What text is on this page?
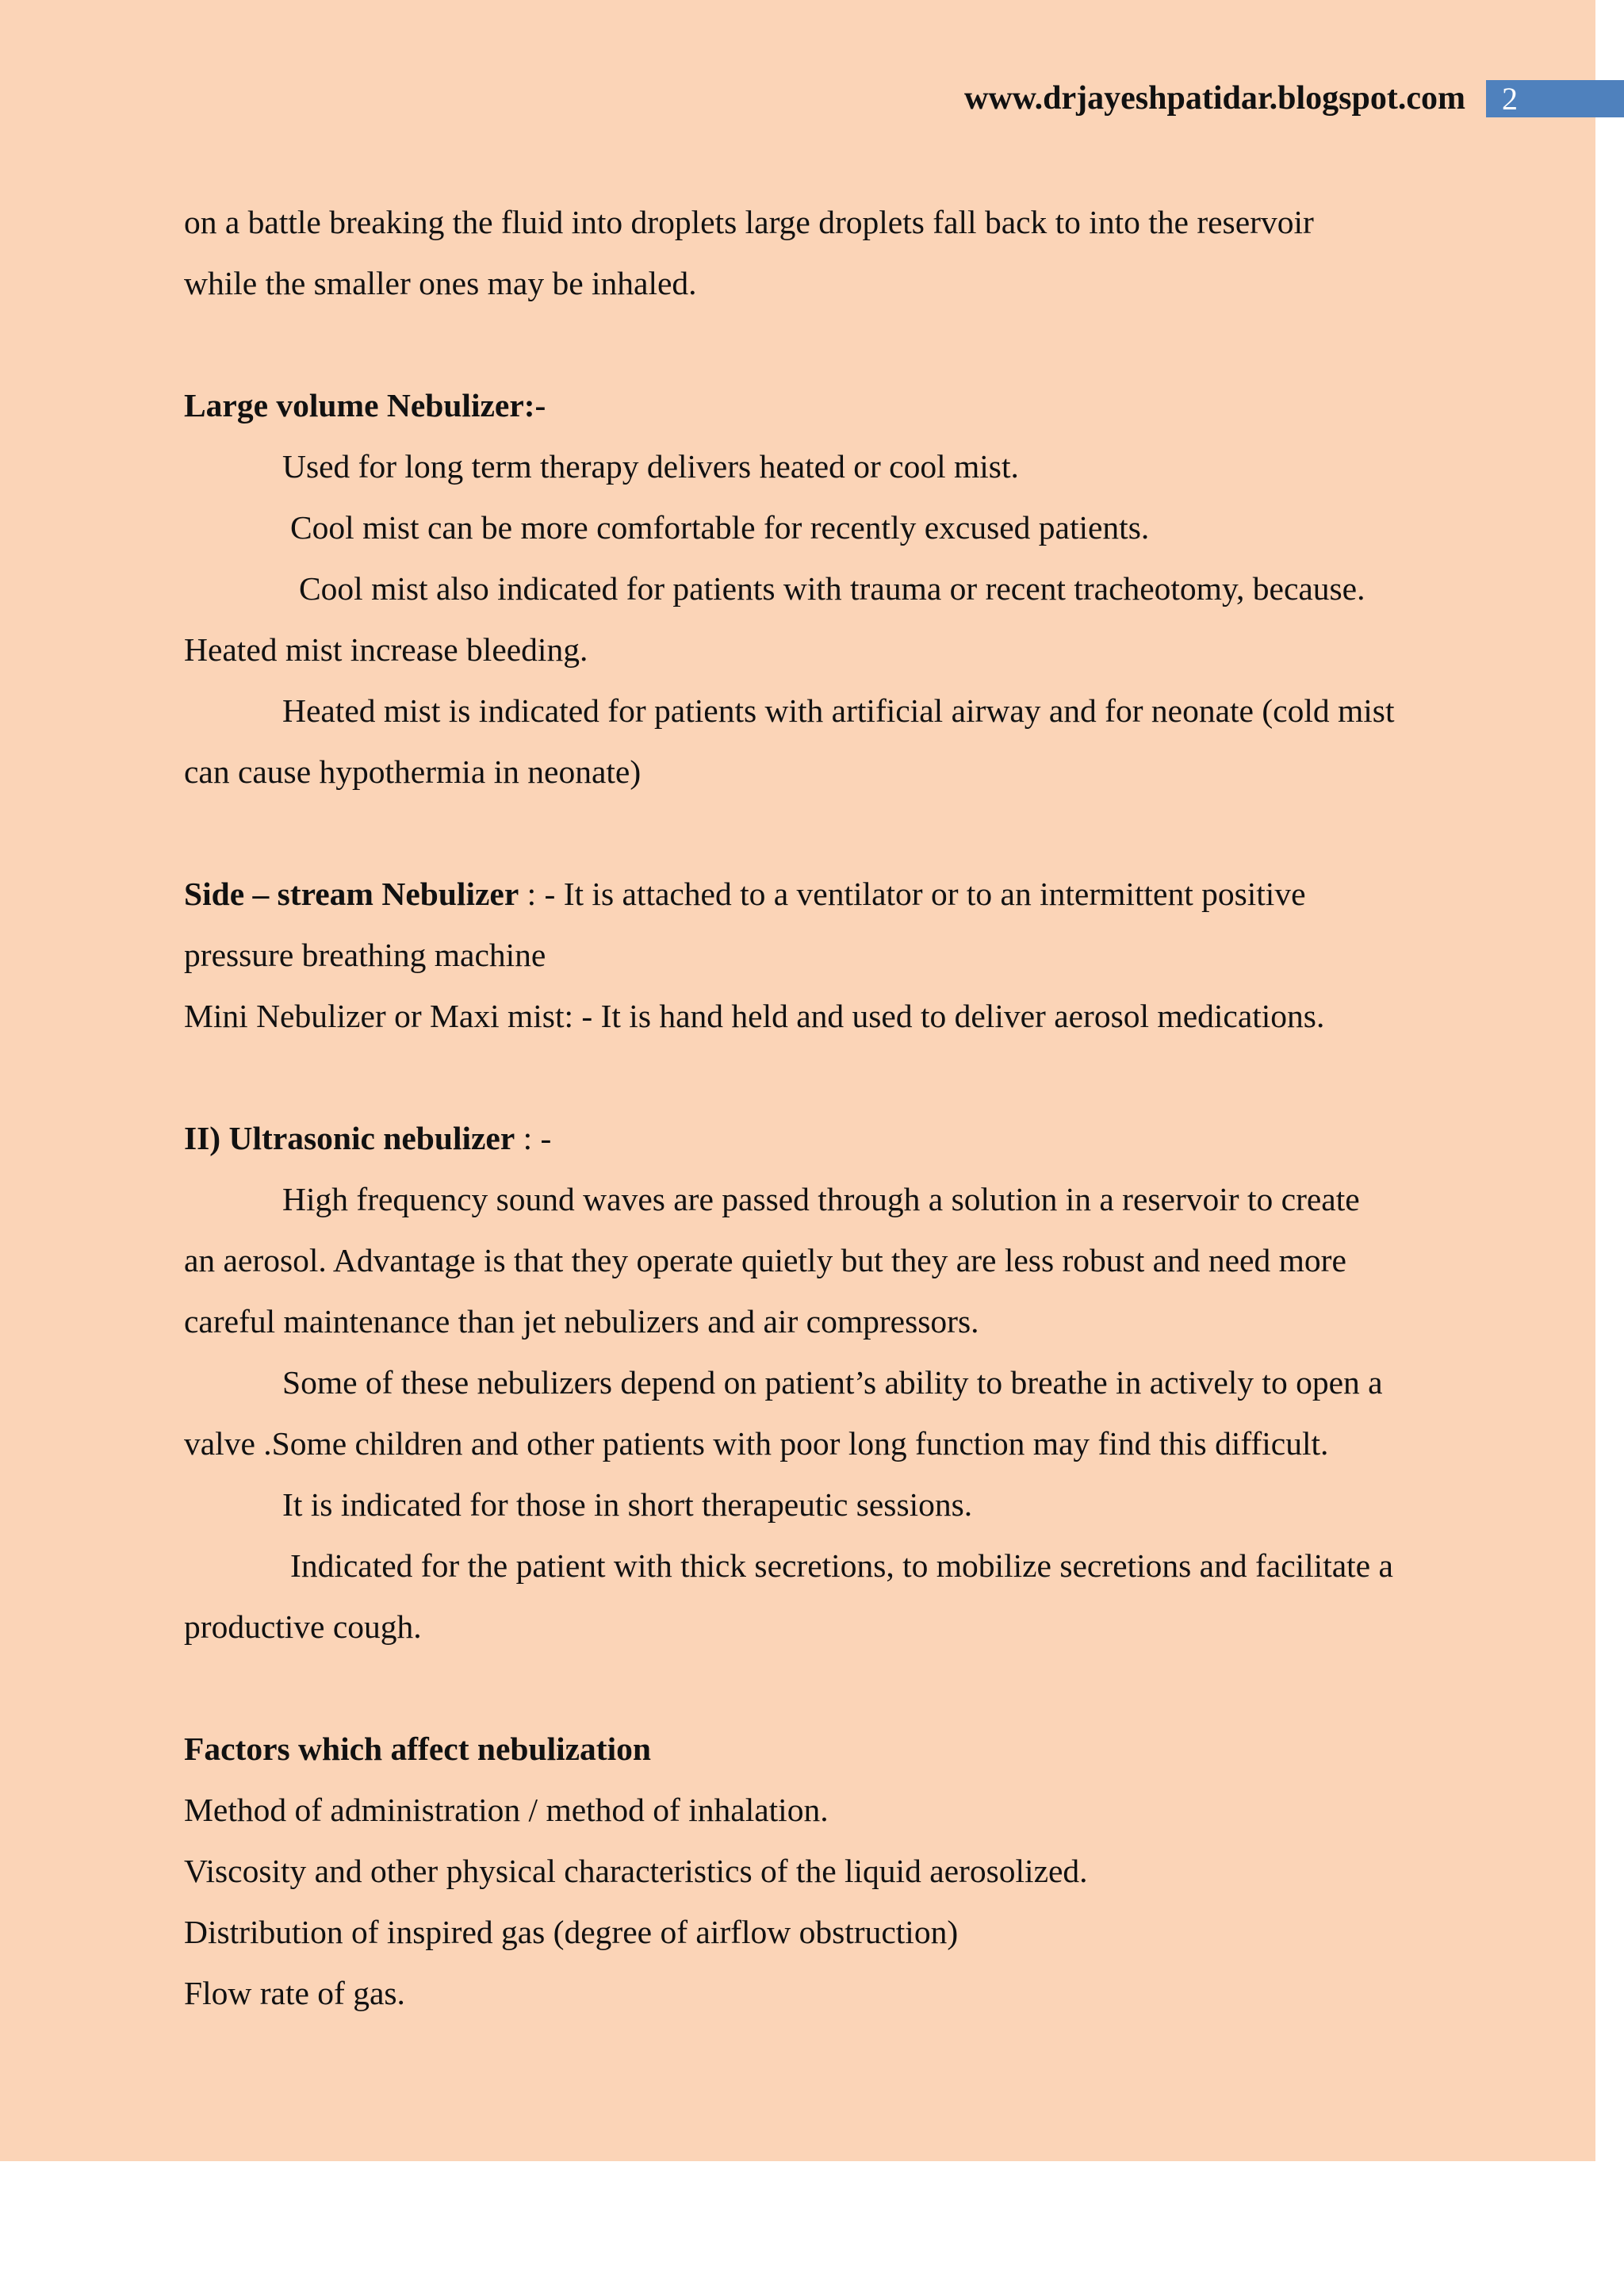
www.drjayeshpatidar.blogspot.com	2

on a battle breaking the fluid into droplets large droplets fall back to into the reservoir

while the smaller ones may be inhaled.

Large volume Nebulizer:-

Used for long term therapy delivers heated or cool mist.

Cool mist can be more comfortable for recently excused patients.

Cool mist also indicated for patients with trauma or recent tracheotomy, because.

Heated mist increase bleeding.

Heated mist is indicated for patients with artificial airway and for neonate (cold mist

can cause hypothermia in neonate)

Side – stream Nebulizer : - It is attached to a ventilator or to an intermittent positive

pressure breathing machine

Mini Nebulizer or Maxi mist: - It is hand held and used to deliver aerosol medications.

II) Ultrasonic nebulizer : -

High frequency sound waves are passed through a solution in a reservoir to create

an aerosol. Advantage is that they operate quietly but they are less robust and need more

careful maintenance than jet nebulizers and air compressors.

Some of these nebulizers depend on patient’s ability to breathe in actively to open a

valve .Some children and other patients with poor long function may find this difficult.

It is indicated for those in short therapeutic sessions.

Indicated for the patient with thick secretions, to mobilize secretions and facilitate a

productive cough.

Factors which affect nebulization

Method of administration / method of inhalation.

Viscosity and other physical characteristics of the liquid aerosolized.

Distribution of inspired gas (degree of airflow obstruction)

Flow rate of gas.
